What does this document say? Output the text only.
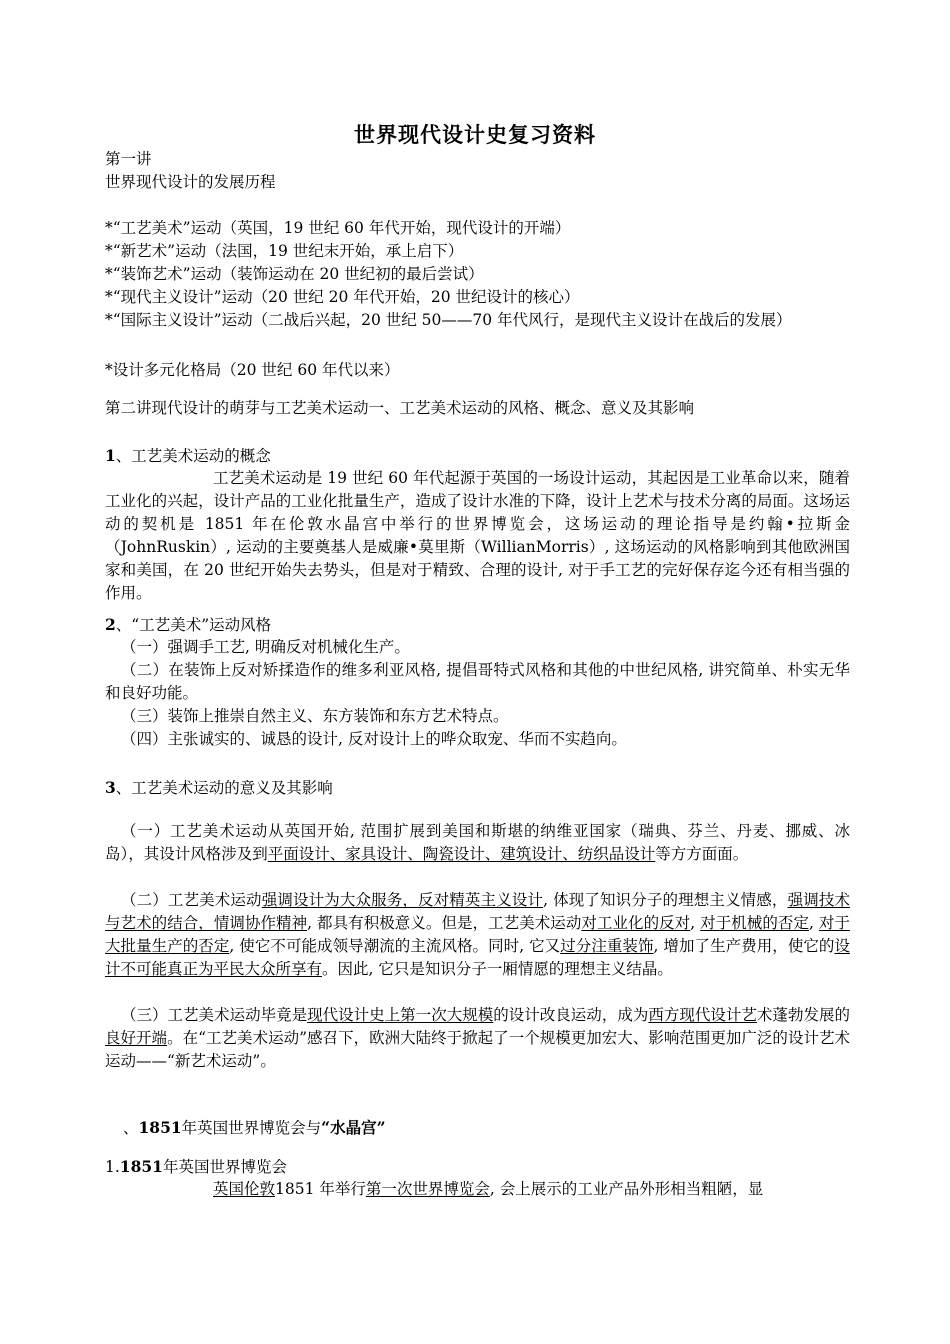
世界现代设计史复习资料
第一讲
世界现代设计的发展历程
*“工艺美术”运动（英国，19 世纪 60 年代开始，现代设计的开端）
*“新艺术”运动（法国，19 世纪末开始，承上启下）
*“装饰艺术”运动（装饰运动在 20 世纪初的最后尝试）
*“现代主义设计”运动（20 世纪 20 年代开始，20 世纪设计的核心）
*“国际主义设计”运动（二战后兴起，20 世纪 50——70 年代风行，是现代主义设计在战后的发展）
*设计多元化格局（20 世纪 60 年代以来）
第二讲现代设计的萌芽与工艺美术运动一、工艺美术运动的风格、概念、意义及其影响
1、工艺美术运动的概念
工艺美术运动是 19 世纪 60 年代起源于英国的一场设计运动，其起因是工业革命以来，随着工业化的兴起，设计产品的工业化批量生产，造成了设计水准的下降，设计上艺术与技术分离的局面。这场运动的契机是 1851 年在伦敦水晶宫中举行的世界博览会，这场运动的理论指导是约翰•拉斯金（JohnRuskin）, 运动的主要奠基人是威廉•莫里斯（WillianMorris）, 这场运动的风格影响到其他欧洲国家和美国，在 20 世纪开始失去势头，但是对于精致、合理的设计, 对于手工艺的完好保存迄今还有相当强的作用。
2、“工艺美术”运动风格
（一）强调手工艺, 明确反对机械化生产。
（二）在装饰上反对矫揉造作的维多利亚风格, 提倡哥特式风格和其他的中世纪风格, 讲究简单、朴实无华和良好功能。
（三）装饰上推崇自然主义、东方装饰和东方艺术特点。
（四）主张诚实的、诚恳的设计, 反对设计上的哗众取宠、华而不实趋向。
3、工艺美术运动的意义及其影响
（一）工艺美术运动从英国开始, 范围扩展到美国和斯堪的纳维亚国家（瑞典、芬兰、丹麦、挪威、冰岛），其设计风格涉及到平面设计、家具设计、陶瓷设计、建筑设计、纺织品设计等方方面面。
（二）工艺美术运动强调设计为大众服务，反对精英主义设计, 体现了知识分子的理想主义情感，强调技术与艺术的结合，情调协作精神, 都具有积极意义。但是，工艺美术运动对工业化的反对, 对于机械的否定, 对于大批量生产的否定, 使它不可能成领导潮流的主流风格。同时, 它又过分注重装饰, 增加了生产费用，使它的设计不可能真正为平民大众所享有。因此, 它只是知识分子一厢情愿的理想主义结晶。
（三）工艺美术运动毕竟是现代设计史上第一次大规模的设计改良运动，成为西方现代设计艺术蓬勃发展的良好开端。在“工艺美术运动”感召下，欧洲大陆终于掀起了一个规模更加宏大、影响范围更加广泛的设计艺术运动——“新艺术运动”。
、1851年英国世界博览会与“水晶宫”
1.1851年英国世界博览会
英国伦敦1851 年举行第一次世界博览会, 会上展示的工业产品外形相当粗陋，显
